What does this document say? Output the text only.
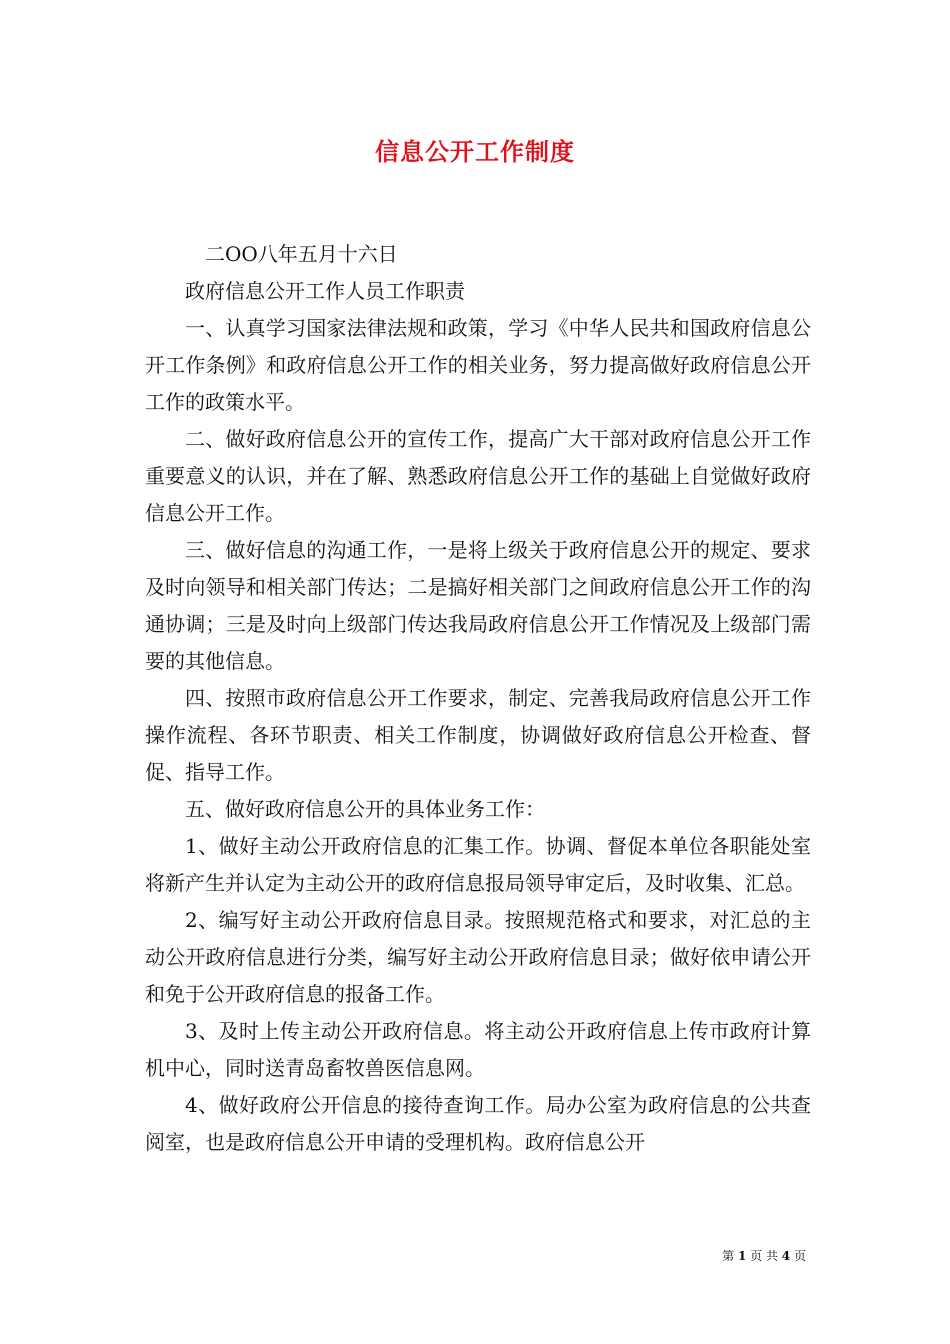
信息公开工作制度

二OO八年五月十六日

政府信息公开工作人员工作职责

一、认真学习国家法律法规和政策，学习《中华人民共和国政府信息公开工作条例》和政府信息公开工作的相关业务，努力提高做好政府信息公开工作的政策水平。

二、做好政府信息公开的宣传工作，提高广大干部对政府信息公开工作重要意义的认识，并在了解、熟悉政府信息公开工作的基础上自觉做好政府信息公开工作。

三、做好信息的沟通工作，一是将上级关于政府信息公开的规定、要求及时向领导和相关部门传达；二是搞好相关部门之间政府信息公开工作的沟通协调；三是及时向上级部门传达我局政府信息公开工作情况及上级部门需要的其他信息。

四、按照市政府信息公开工作要求，制定、完善我局政府信息公开工作操作流程、各环节职责、相关工作制度，协调做好政府信息公开检查、督促、指导工作。

五、做好政府信息公开的具体业务工作：

1、做好主动公开政府信息的汇集工作。协调、督促本单位各职能处室将新产生并认定为主动公开的政府信息报局领导审定后，及时收集、汇总。

2、编写好主动公开政府信息目录。按照规范格式和要求，对汇总的主动公开政府信息进行分类，编写好主动公开政府信息目录；做好依申请公开和免于公开政府信息的报备工作。

3、及时上传主动公开政府信息。将主动公开政府信息上传市政府计算机中心，同时送青岛畜牧兽医信息网。

4、做好政府公开信息的接待查询工作。局办公室为政府信息的公共查阅室，也是政府信息公开申请的受理机构。政府信息公开

第 1 页 共 4 页
